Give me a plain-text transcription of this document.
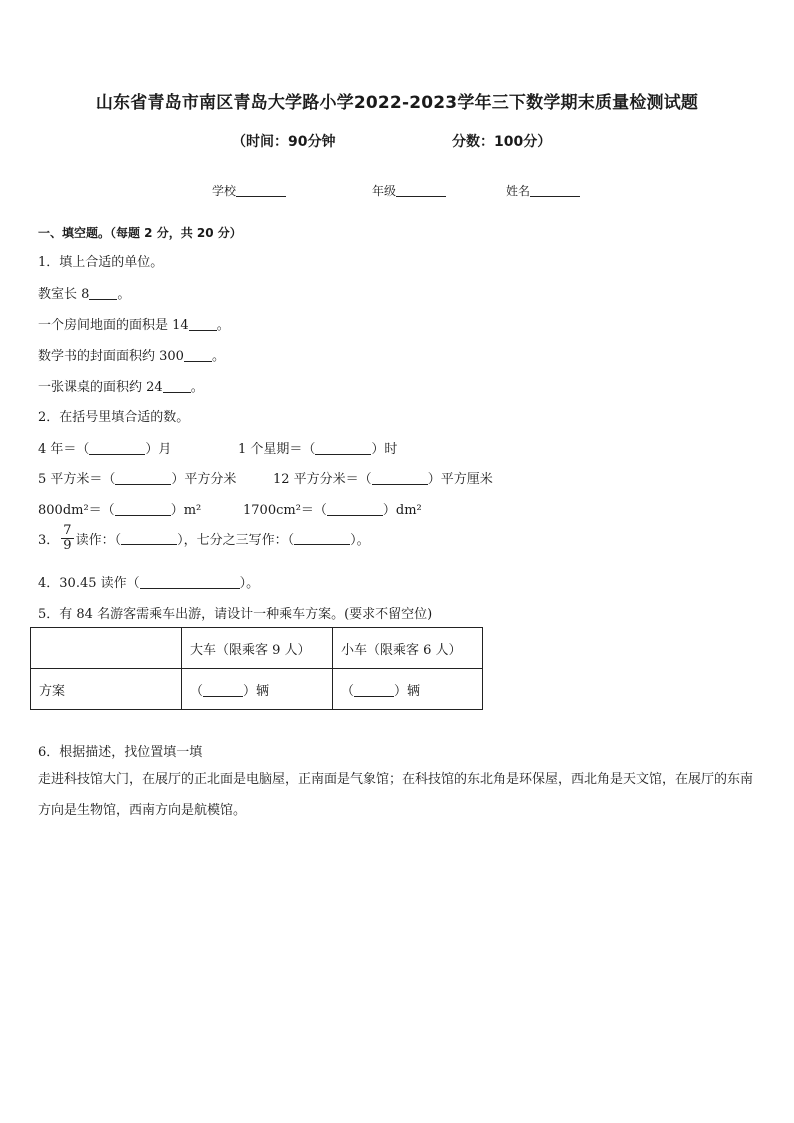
山东省青岛市南区青岛大学路小学2022-2023学年三下数学期末质量检测试题
（时间：90分钟	分数：100分）
学校	年级	姓名
一、填空题。（每题 2 分，共 20 分）
1．填上合适的单位。
教室长 8 。
一个房间地面的面积是 14 。
数学书的封面面积约 300 。
一张课桌的面积约 24 。
2．在括号里填合适的数。
4 年＝（	）月	1 个星期＝（	）时
5 平方米＝（	）平方分米	12 平方分米＝（	）平方厘米
800dm²＝（	）m²	1700cm²＝（	）dm²
3． $\frac{7}{9}$ 读作：（	），七分之三写作：（	）。
4．30.45 读作（	）。
5．有 84 名游客需乘车出游，请设计一种乘车方案。(要求不留空位)
	大车（限乘客 9 人）	小车（限乘客 6 人）
方案	（ ）辆	（ ）辆
6．根据描述，找位置填一填
走进科技馆大门，在展厅的正北面是电脑屋，正南面是气象馆；在科技馆的东北角是环保屋，西北角是天文馆，在展厅的东南方向是生物馆，西南方向是航模馆。
